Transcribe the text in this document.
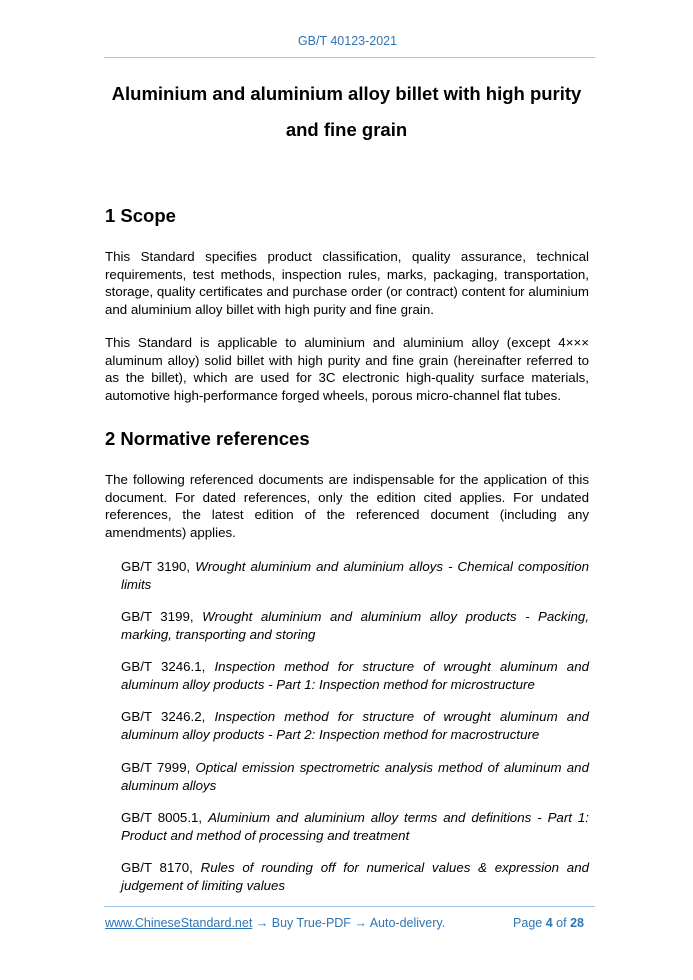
GB/T 40123-2021
Aluminium and aluminium alloy billet with high purity
and fine grain
1 Scope
This Standard specifies product classification, quality assurance, technical requirements, test methods, inspection rules, marks, packaging, transportation, storage, quality certificates and purchase order (or contract) content for aluminium and aluminium alloy billet with high purity and fine grain.
This Standard is applicable to aluminium and aluminium alloy (except 4××× aluminum alloy) solid billet with high purity and fine grain (hereinafter referred to as the billet), which are used for 3C electronic high-quality surface materials, automotive high-performance forged wheels, porous micro-channel flat tubes.
2 Normative references
The following referenced documents are indispensable for the application of this document. For dated references, only the edition cited applies. For undated references, the latest edition of the referenced document (including any amendments) applies.
GB/T 3190, Wrought aluminium and aluminium alloys - Chemical composition limits
GB/T 3199, Wrought aluminium and aluminium alloy products - Packing, marking, transporting and storing
GB/T 3246.1, Inspection method for structure of wrought aluminum and aluminum alloy products - Part 1: Inspection method for microstructure
GB/T 3246.2, Inspection method for structure of wrought aluminum and aluminum alloy products - Part 2: Inspection method for macrostructure
GB/T 7999, Optical emission spectrometric analysis method of aluminum and aluminum alloys
GB/T 8005.1, Aluminium and aluminium alloy terms and definitions - Part 1: Product and method of processing and treatment
GB/T 8170, Rules of rounding off for numerical values & expression and judgement of limiting values
www.ChineseStandard.net → Buy True-PDF → Auto-delivery.	Page 4 of 28
